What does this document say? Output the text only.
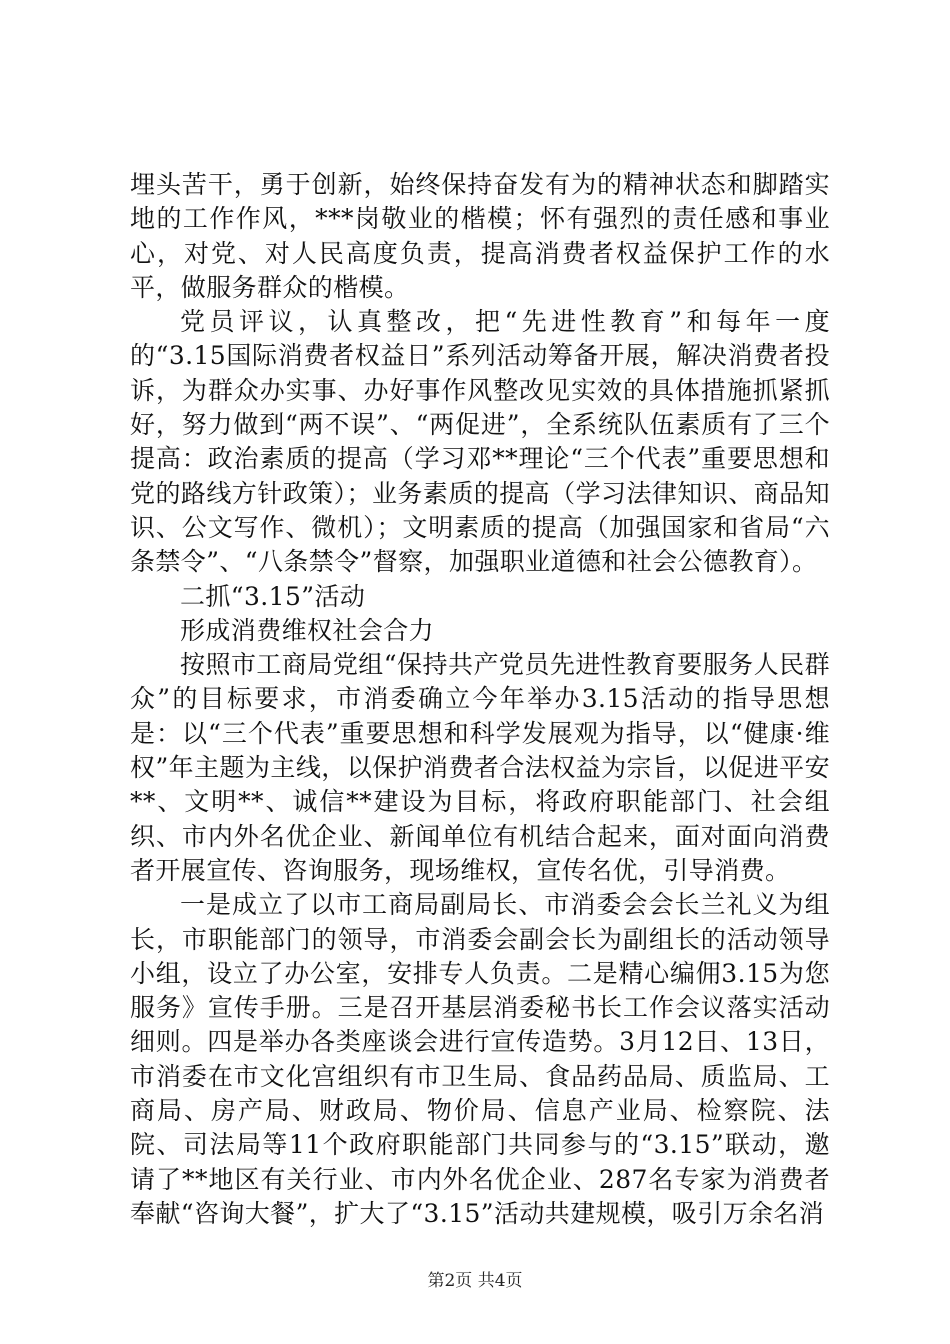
埋头苦干，勇于创新，始终保持奋发有为的精神状态和脚踏实地的工作作风，***岗敬业的楷模；怀有强烈的责任感和事业心，对党、对人民高度负责，提高消费者权益保护工作的水平，做服务群众的楷模。

党员评议，认真整改，把“先进性教育”和每年一度的“3.15国际消费者权益日”系列活动筹备开展，解决消费者投诉，为群众办实事、办好事作风整改见实效的具体措施抓紧抓好，努力做到“两不误”、“两促进”，全系统队伍素质有了三个提高：政治素质的提高（学习邓**理论“三个代表”重要思想和党的路线方针政策）；业务素质的提高（学习法律知识、商品知识、公文写作、微机）；文明素质的提高（加强国家和省局“六条禁令”、“八条禁令”督察，加强职业道德和社会公德教育）。

二抓“3.15”活动

形成消费维权社会合力

按照市工商局党组“保持共产党员先进性教育要服务人民群众”的目标要求，市消委确立今年举办3.15活动的指导思想是：以“三个代表”重要思想和科学发展观为指导，以“健康·维权”年主题为主线，以保护消费者合法权益为宗旨，以促进平安**、文明**、诚信**建设为目标，将政府职能部门、社会组织、市内外名优企业、新闻单位有机结合起来，面对面向消费者开展宣传、咨询服务，现场维权，宣传名优，引导消费。

一是成立了以市工商局副局长、市消委会会长兰礼义为组长，市职能部门的领导，市消委会副会长为副组长的活动领导小组，设立了办公室，安排专人负责。二是精心编佣3.15为您服务》宣传手册。三是召开基层消委秘书长工作会议落实活动细则。四是举办各类座谈会进行宣传造势。3月12日、13日，市消委在市文化宫组织有市卫生局、食品药品局、质监局、工商局、房产局、财政局、物价局、信息产业局、检察院、法院、司法局等11个政府职能部门共同参与的“3.15”联动，邀请了**地区有关行业、市内外名优企业、287名专家为消费者奉献“咨询大餐”，扩大了“3.15”活动共建规模，吸引万余名消

第2页 共4页
